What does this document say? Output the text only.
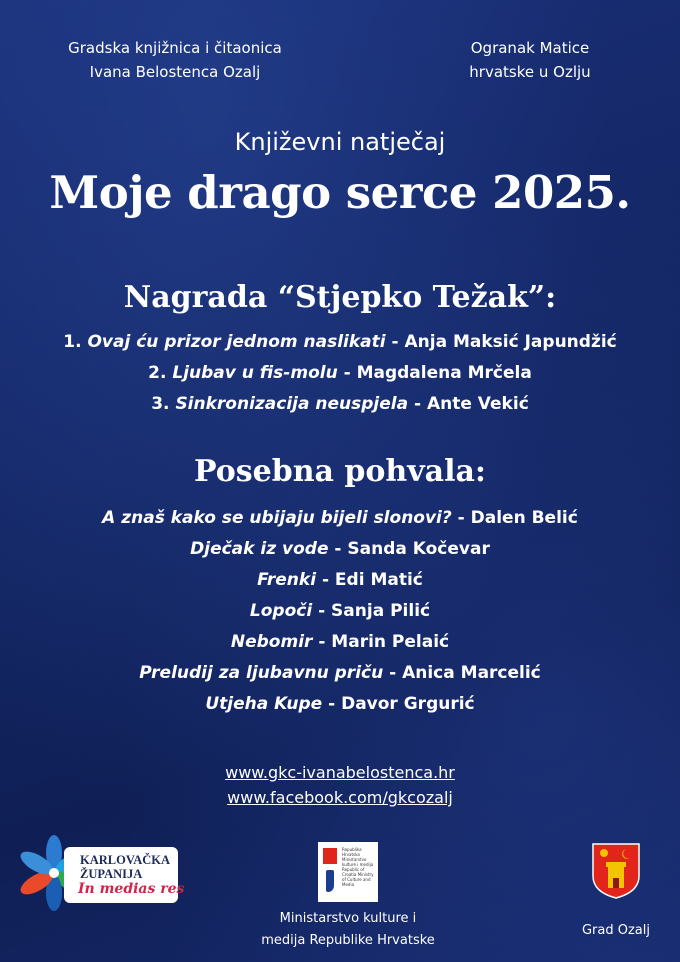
Gradska knjižnica i čitaonica
Ivana Belostenca Ozalj
Ogranak Matice
hrvatske u Ozlju
Književni natječaj
Moje drago serce 2025.
Nagrada “Stjepko Težak”:
1. Ovaj ću prizor jednom naslikati - Anja Maksić Japundžić
2. Ljubav u fis-molu - Magdalena Mrčela
3. Sinkronizacija neuspjela - Ante Vekić
Posebna pohvala:
A znaš kako se ubijaju bijeli slonovi? - Dalen Belić
Dječak iz vode - Sanda Kočevar
Frenki - Edi Matić
Lopoči - Sanja Pilić
Nebomir - Marin Pelaić
Preludij za ljubavnu priču - Anica Marcelić
Utjeha Kupe - Davor Grgurić
www.gkc-ivanabelostenca.hr
www.facebook.com/gkcozalj
KARLOVAČKA
ŽUPANIJA
In medias res
Republika Hrvatska Ministarstvo kulture i medija Republic of Croatia Ministry of Culture and Media
Ministarstvo kulture i
medija Republike Hrvatske
Grad Ozalj
